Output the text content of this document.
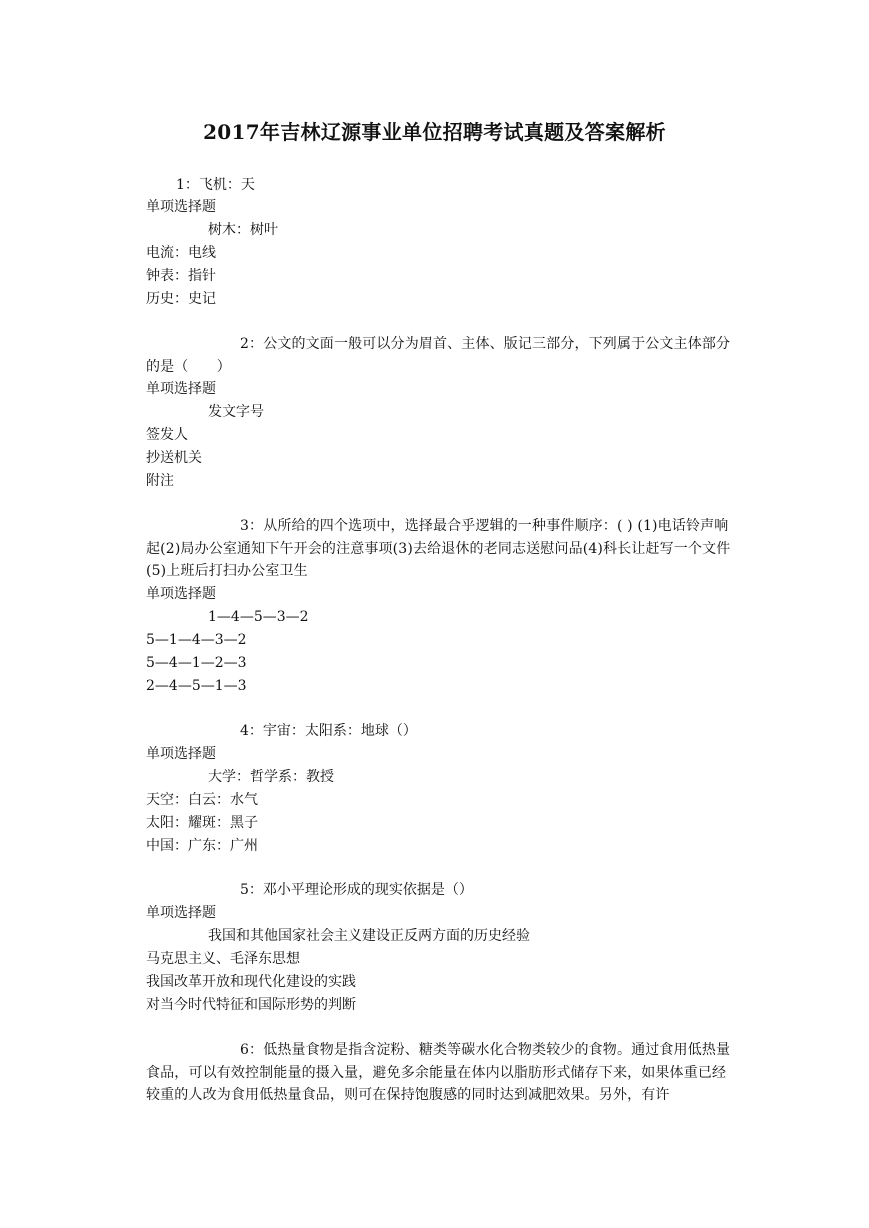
2017年吉林辽源事业单位招聘考试真题及答案解析
1：飞机：天
单项选择题
树木：树叶
电流：电线
钟表：指针
历史：史记
2：公文的文面一般可以分为眉首、主体、版记三部分，下列属于公文主体部分的是（　　）
单项选择题
发文字号
签发人
抄送机关
附注
3：从所给的四个选项中，选择最合乎逻辑的一种事件顺序：( ) (1)电话铃声响起(2)局办公室通知下午开会的注意事项(3)去给退休的老同志送慰问品(4)科长让赶写一个文件(5)上班后打扫办公室卫生
单项选择题
1—4—5—3—2
5—1—4—3—2
5—4—1—2—3
2—4—5—1—3
4：宇宙：太阳系：地球（）
单项选择题
大学：哲学系：教授
天空：白云：水气
太阳：耀斑：黑子
中国：广东：广州
5：邓小平理论形成的现实依据是（）
单项选择题
我国和其他国家社会主义建设正反两方面的历史经验
马克思主义、毛泽东思想
我国改革开放和现代化建设的实践
对当今时代特征和国际形势的判断
6：低热量食物是指含淀粉、糖类等碳水化合物类较少的食物。通过食用低热量食品，可以有效控制能量的摄入量，避免多余能量在体内以脂肪形式储存下来，如果体重已经较重的人改为食用低热量食品，则可在保持饱腹感的同时达到减肥效果。另外，有许
